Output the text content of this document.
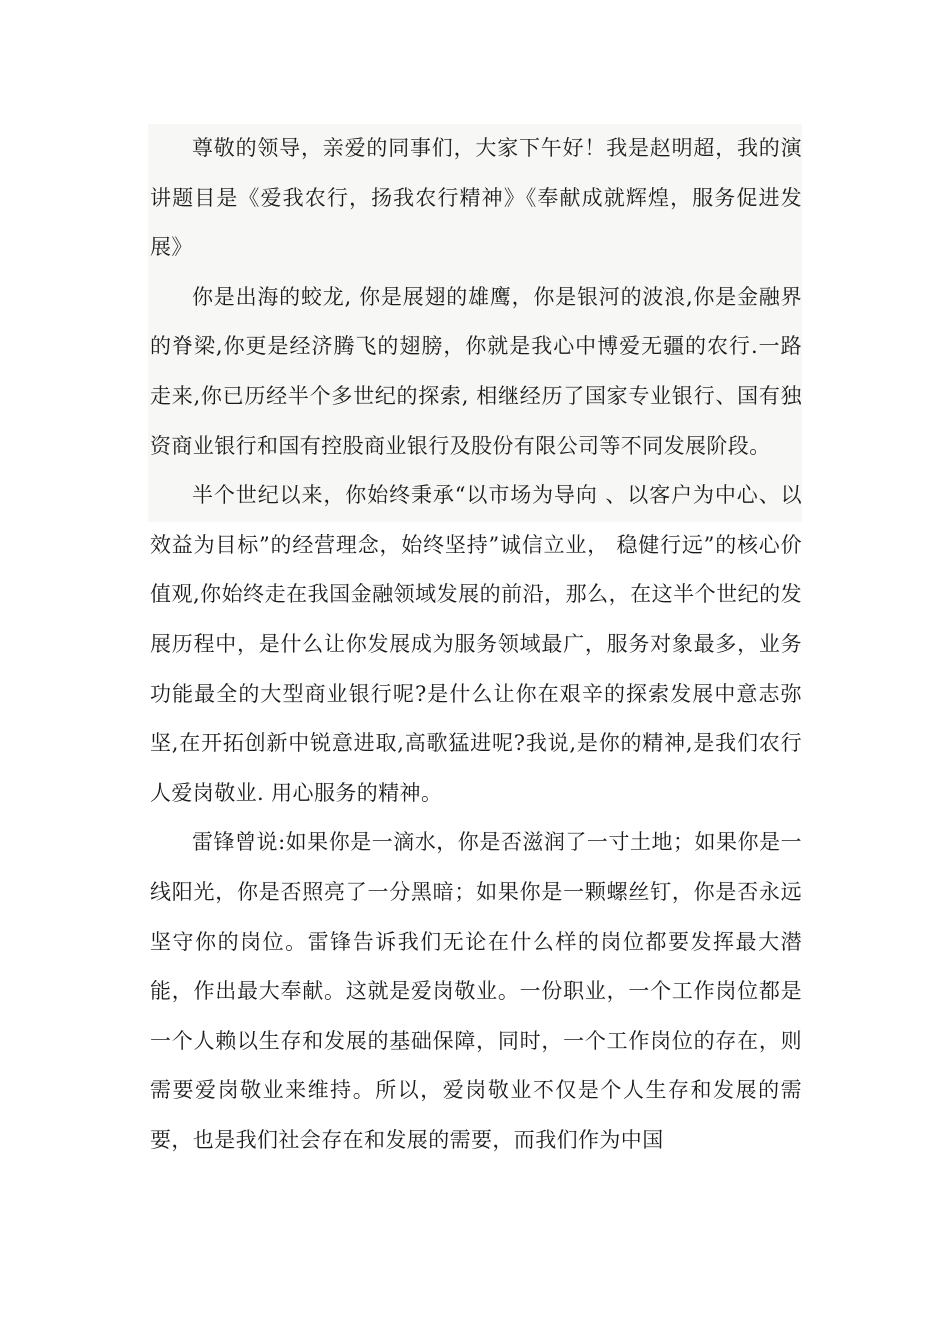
尊敬的领导，亲爱的同事们，大家下午好！我是赵明超，我的演讲题目是《爱我农行，扬我农行精神》《奉献成就辉煌，服务促进发展》

你是出海的蛟龙, 你是展翅的雄鹰，你是银河的波浪,你是金融界的脊梁,你更是经济腾飞的翅膀，你就是我心中博爱无疆的农行.一路走来,你已历经半个多世纪的探索, 相继经历了国家专业银行、国有独资商业银行和国有控股商业银行及股份有限公司等不同发展阶段。

半个世纪以来，你始终秉承“以市场为导向 、以客户为中心、以效益为目标”的经营理念，始终坚持”诚信立业， 稳健行远”的核心价值观,你始终走在我国金融领域发展的前沿，那么，在这半个世纪的发展历程中，是什么让你发展成为服务领域最广，服务对象最多，业务功能最全的大型商业银行呢?是什么让你在艰辛的探索发展中意志弥坚,在开拓创新中锐意进取,高歌猛进呢?我说,是你的精神,是我们农行人爱岗敬业. 用心服务的精神。

雷锋曾说:如果你是一滴水，你是否滋润了一寸土地；如果你是一线阳光，你是否照亮了一分黑暗；如果你是一颗螺丝钉，你是否永远坚守你的岗位。雷锋告诉我们无论在什么样的岗位都要发挥最大潜能，作出最大奉献。这就是爱岗敬业。一份职业，一个工作岗位都是一个人赖以生存和发展的基础保障，同时，一个工作岗位的存在，则需要爱岗敬业来维持。所以，爱岗敬业不仅是个人生存和发展的需要，也是我们社会存在和发展的需要，而我们作为中国
